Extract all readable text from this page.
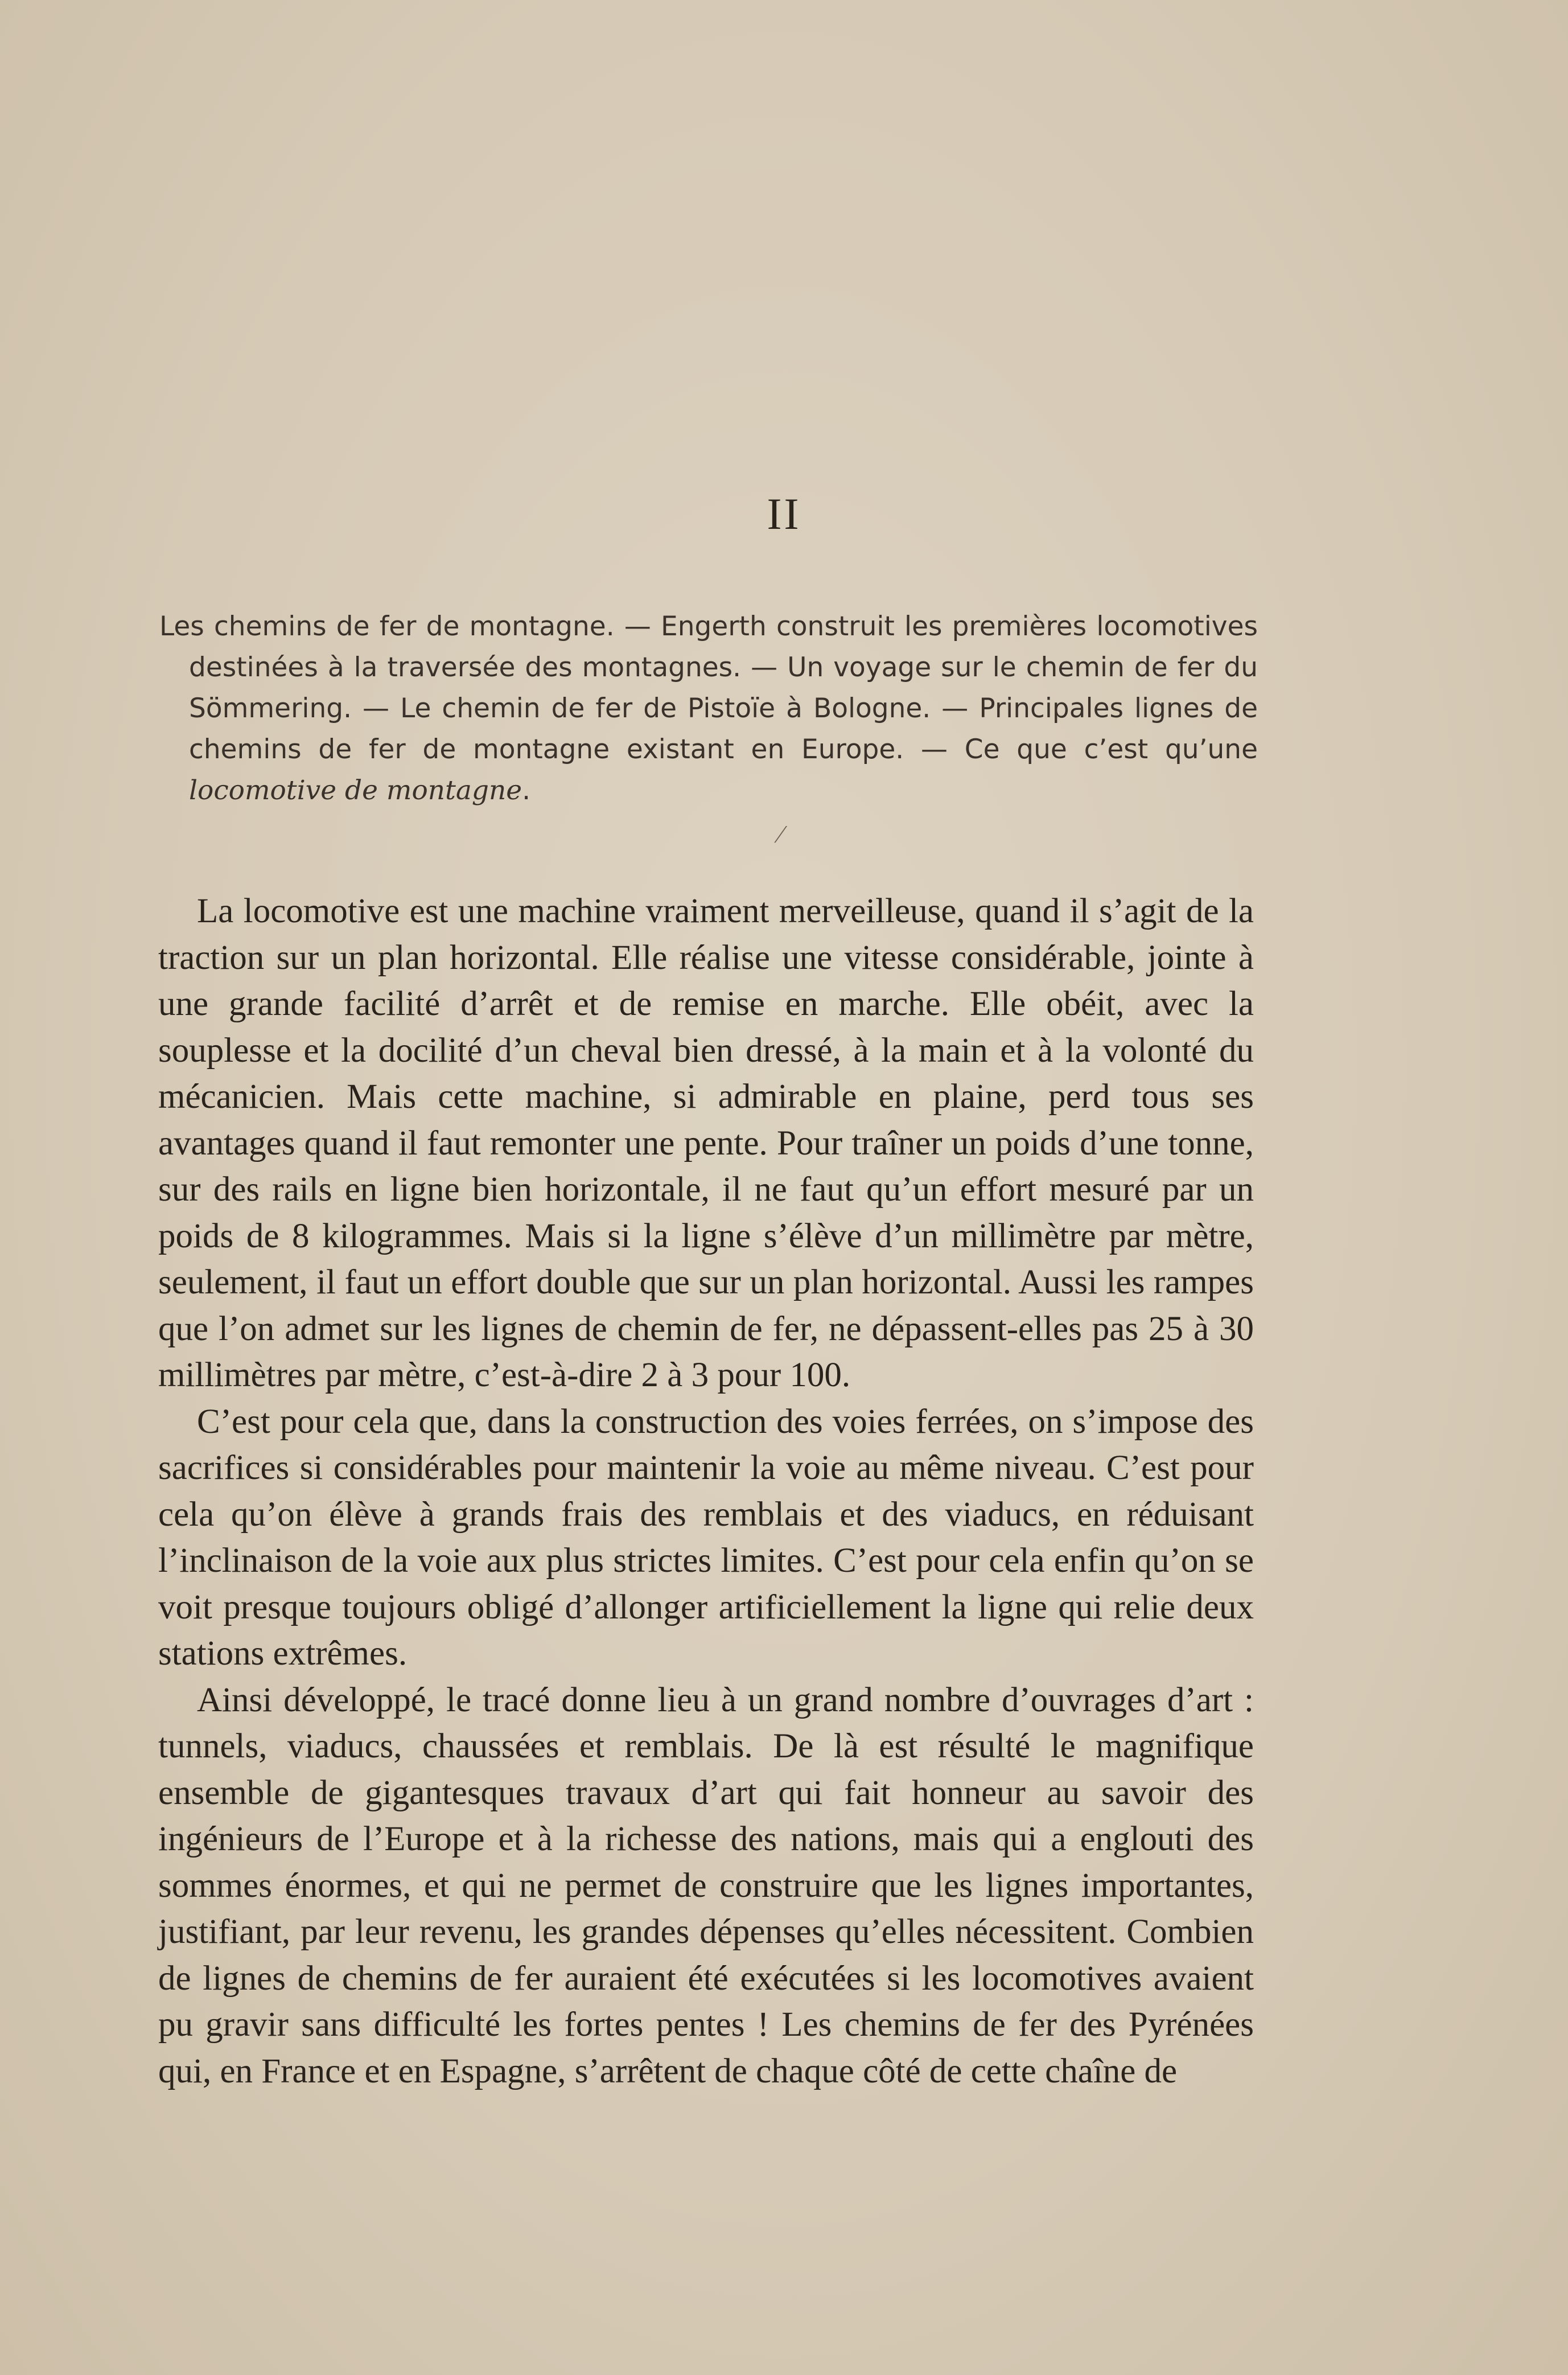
II
Les chemins de fer de montagne. — Engerth construit les premières locomotives destinées à la traversée des montagnes. — Un voyage sur le chemin de fer du Sömmering. — Le chemin de fer de Pistoïe à Bologne. — Principales lignes de chemins de fer de montagne existant en Europe. — Ce que c’est qu’une locomotive de montagne.
⁄

La locomotive est une machine vraiment merveilleuse, quand il s’agit de la traction sur un plan horizontal. Elle réalise une vitesse considérable, jointe à une grande facilité d’arrêt et de remise en marche. Elle obéit, avec la souplesse et la docilité d’un cheval bien dressé, à la main et à la volonté du mécanicien. Mais cette machine, si admirable en plaine, perd tous ses avantages quand il faut remonter une pente. Pour traîner un poids d’une tonne, sur des rails en ligne bien horizontale, il ne faut qu’un effort mesuré par un poids de 8 kilogrammes. Mais si la ligne s’élève d’un millimètre par mètre, seulement, il faut un effort double que sur un plan horizontal. Aussi les rampes que l’on admet sur les lignes de chemin de fer, ne dépassent-elles pas 25 à 30 millimètres par mètre, c’est-à-dire 2 à 3 pour 100.

C’est pour cela que, dans la construction des voies ferrées, on s’impose des sacrifices si considérables pour maintenir la voie au même niveau. C’est pour cela qu’on élève à grands frais des remblais et des viaducs, en réduisant l’inclinaison de la voie aux plus strictes limites. C’est pour cela enfin qu’on se voit presque toujours obligé d’allonger artificiellement la ligne qui relie deux stations extrêmes.

Ainsi développé, le tracé donne lieu à un grand nombre d’ouvrages d’art : tunnels, viaducs, chaussées et remblais. De là est résulté le magnifique ensemble de gigantesques travaux d’art qui fait honneur au savoir des ingénieurs de l’Europe et à la richesse des nations, mais qui a englouti des sommes énormes, et qui ne permet de construire que les lignes importantes, justifiant, par leur revenu, les grandes dépenses qu’elles nécessitent. Combien de lignes de chemins de fer auraient été exécutées si les locomotives avaient pu gravir sans difficulté les fortes pentes ! Les chemins de fer des Pyrénées qui, en France et en Espagne, s’arrêtent de chaque côté de cette chaîne de
